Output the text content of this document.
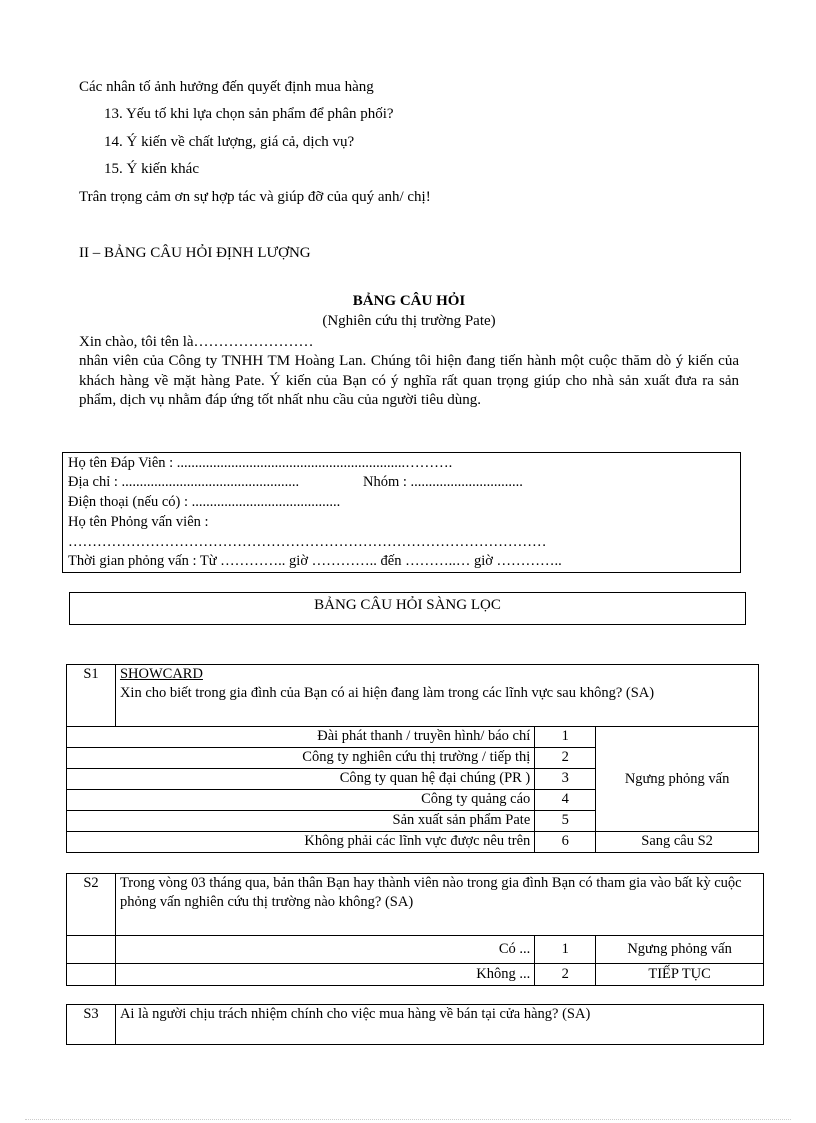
Các nhân tố ảnh hưởng đến quyết định mua hàng
13. Yếu tố khi lựa chọn sản phẩm để phân phối?
14. Ý kiến về chất lượng, giá cả, dịch vụ?
15. Ý kiến khác
Trân trọng cảm ơn sự hợp tác và giúp đỡ của quý anh/ chị!
II – BẢNG CÂU HỎI ĐỊNH LƯỢNG
BẢNG CÂU HỎI
(Nghiên cứu thị trường Pate)
Xin chào, tôi tên là……………………
nhân viên của Công ty TNHH TM Hoàng Lan. Chúng tôi hiện đang tiến hành một cuộc thăm dò ý kiến của khách hàng về mặt hàng Pate. Ý kiến của Bạn có ý nghĩa rất quan trọng giúp cho nhà sản xuất đưa ra sản phẩm, dịch vụ nhằm đáp ứng tốt nhất nhu cầu của người tiêu dùng.
Họ tên Đáp Viên : ...............................................................……….
Địa chỉ : .................................................	Nhóm : ...............................
Điện thoại (nếu có) : .........................................
Họ tên Phỏng vấn viên :
………………………………………………………………………………………
Thời gian phỏng vấn : Từ ………….. giờ ………….. đến ………..… giờ …………..
BẢNG CÂU HỎI SÀNG LỌC
S1	SHOWCARD
Xin cho biết trong gia đình của Bạn có ai hiện đang làm trong các lĩnh vực sau không? (SA)		

Đài phát thanh / truyền hình/ báo chí		1	Ngưng phỏng vấn
Công ty nghiên cứu thị trường / tiếp thị		2	
Công ty quan hệ đại chúng (PR )		3	
Công ty quảng cáo		4	
Sản xuất sản phẩm Pate		5	
Không phải các lĩnh vực được nêu trên		6	Sang câu S2
S2	Trong vòng 03 tháng qua, bản thân Bạn hay thành viên nào trong gia đình Bạn có tham gia vào bất kỳ cuộc phỏng vấn nghiên cứu thị trường nào không? (SA)		
	Có ...	1	Ngưng phỏng vấn
	Không ...	2	TIẾP TỤC
S3	Ai là người chịu trách nhiệm chính cho việc mua hàng về bán tại cửa hàng? (SA)
